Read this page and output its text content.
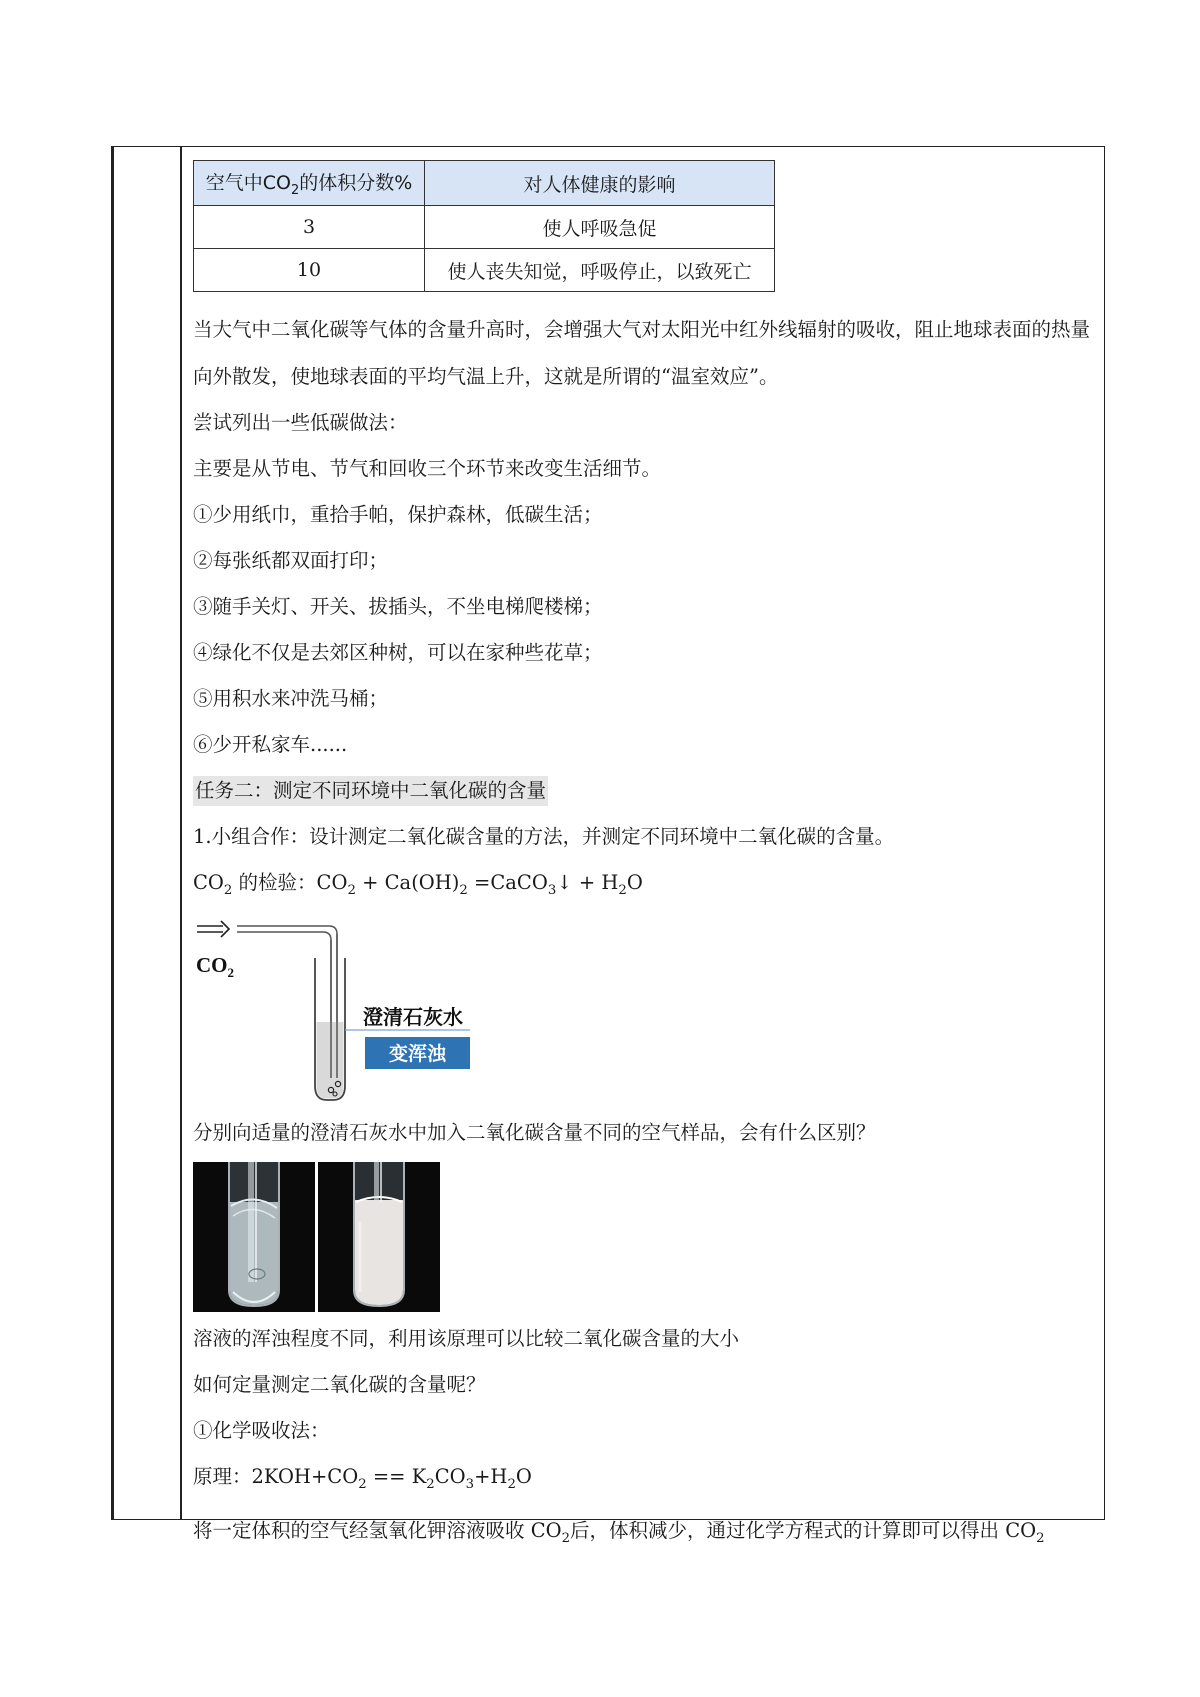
空气中$CO_2$的体积分数%	对人体健康的影响
3	使人呼吸急促
10	使人丧失知觉，呼吸停止，以致死亡

当大气中二氧化碳等气体的含量升高时，会增强大气对太阳光中红外线辐射的吸收，阻止地球表面的热量向外散发，使地球表面的平均气温上升，这就是所谓的“温室效应”。

尝试列出一些低碳做法：

主要是从节电、节气和回收三个环节来改变生活细节。

①少用纸巾，重拾手帕，保护森林，低碳生活；

②每张纸都双面打印；

③随手关灯、开关、拔插头，不坐电梯爬楼梯；

④绿化不仅是去郊区种树，可以在家种些花草；

⑤用积水来冲洗马桶；

⑥少开私家车......

任务二：测定不同环境中二氧化碳的含量

1.小组合作：设计测定二氧化碳含量的方法，并测定不同环境中二氧化碳的含量。

$CO_2$ 的检验：$CO_2 + Ca(OH)_2$ =CaCO$_3$↓ + $H_2O$

$CO_2$
澄清石灰水
变浑浊

分别向适量的澄清石灰水中加入二氧化碳含量不同的空气样品，会有什么区别？

溶液的浑浊程度不同，利用该原理可以比较二氧化碳含量的大小

如何定量测定二氧化碳的含量呢？

①化学吸收法：

原理：$2KOH+CO_2 == K_2CO_3+H_2O$

将一定体积的空气经氢氧化钾溶液吸收 $CO_2$后，体积减少，通过化学方程式的计算即可以得出 $CO_2$
